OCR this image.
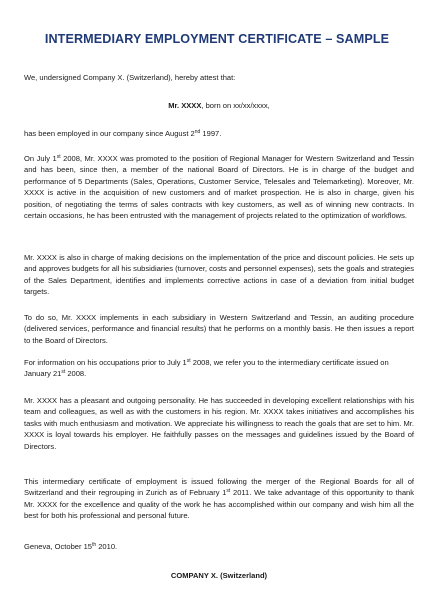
INTERMEDIARY EMPLOYMENT CERTIFICATE – SAMPLE
We, undersigned Company X. (Switzerland), hereby attest that:
Mr. XXXX, born on xx/xx/xxxx,
has been employed in our company since August 2nd 1997.
On July 1st 2008, Mr. XXXX was promoted to the position of Regional Manager for Western Switzerland and Tessin and has been, since then, a member of the national Board of Directors. He is in charge of the budget and performance of 5 Departments (Sales, Operations, Customer Service, Telesales and Telemarketing). Moreover, Mr. XXXX is active in the acquisition of new customers and of market prospection. He is also in charge, given his position, of negotiating the terms of sales contracts with key customers, as well as of winning new contracts. In certain occasions, he has been entrusted with the management of projects related to the optimization of workflows.
Mr. XXXX is also in charge of making decisions on the implementation of the price and discount policies. He sets up and approves budgets for all his subsidiaries (turnover, costs and personnel expenses), sets the goals and strategies of the Sales Department, identifies and implements corrective actions in case of a deviation from initial budget targets.
To do so, Mr. XXXX implements in each subsidiary in Western Switzerland and Tessin, an auditing procedure (delivered services, performance and financial results) that he performs on a monthly basis. He then issues a report to the Board of Directors.
For information on his occupations prior to July 1st 2008, we refer you to the intermediary certificate issued on January 21st 2008.
Mr. XXXX has a pleasant and outgoing personality. He has succeeded in developing excellent relationships with his team and colleagues, as well as with the customers in his region. Mr. XXXX takes initiatives and accomplishes his tasks with much enthusiasm and motivation. We appreciate his willingness to reach the goals that are set to him. Mr. XXXX is loyal towards his employer. He faithfully passes on the messages and guidelines issued by the Board of Directors.
This intermediary certificate of employment is issued following the merger of the Regional Boards for all of Switzerland and their regrouping in Zurich as of February 1st 2011. We take advantage of this opportunity to thank Mr. XXXX for the excellence and quality of the work he has accomplished within our company and wish him all the best for both his professional and personal future.
Geneva, October 15th 2010.
COMPANY X. (Switzerland)
